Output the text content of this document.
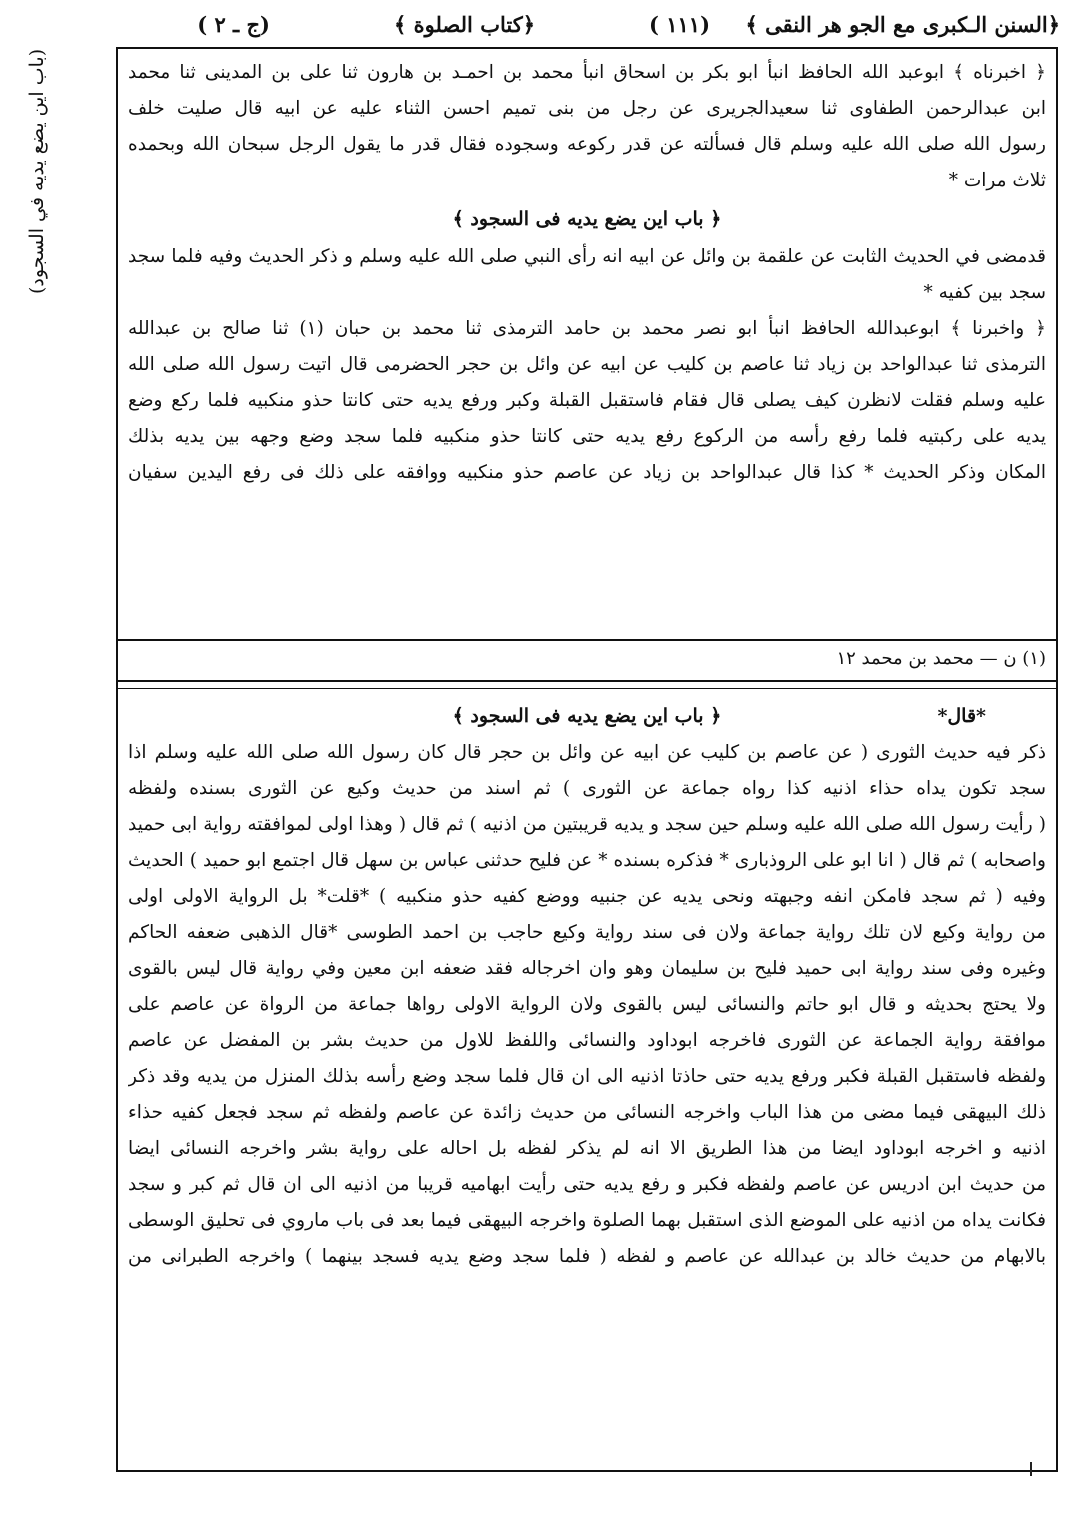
﴿السنن الـكبرى مع الجو هر النقى ﴾
(١١١ )
﴿كتاب الصلوة ﴾
(ج ـ ٢ )
(باب اين يضع يديه في السجود)	﴿ اخبرناه ﴾ ابوعبد الله الحافظ انبأ ابو بكر بن اسحاق انبأ محمد بن احمـد بن هارون ثنا على بن المدينى ثنا محمد
ابن عبدالرحمن الطفاوى ثنا سعيدالجريرى عن رجل من بنى تميم احسن الثناء عليه عن ابيه قال صليت خلف
رسول الله صلى الله عليه وسلم قال فسألته عن قدر ركوعه وسجوده فقال قدر ما يقول الرجل سبحان الله وبحمده
ثلاث مرات *
﴿ باب اين يضع يديه فى السجود ﴾
قدمضى في الحديث الثابت عن علقمة بن وائل عن ابيه انه رأى النبي صلى الله عليه وسلم و ذكر الحديث وفيه فلما سجد
سجد بين كفيه *
﴿ واخبرنا ﴾ ابوعبدالله الحافظ انبأ ابو نصر محمد بن حامد الترمذى ثنا محمد بن حبان (١) ثنا صالح بن عبدالله
الترمذى ثنا عبدالواحد بن زياد ثنا عاصم بن كليب عن ابيه عن وائل بن حجر الحضرمى قال اتيت رسول الله صلى الله
عليه وسلم فقلت لانظرن كيف يصلى قال فقام فاستقبل القبلة وكبر ورفع يديه حتى كانتا حذو منكبيه فلما ركع وضع
يديه على ركبتيه فلما رفع رأسه من الركوع رفع يديه حتى كانتا حذو منكبيه فلما سجد وضع وجهه بين يديه بذلك
المكان وذكر الحديث * كذا قال عبدالواحد بن زياد عن عاصم حذو منكبيه ووافقه على ذلك فى رفع اليدين سفيان
(١) ن — محمد بن محمد ١٢
*قال*
﴿ باب اين يضع يديه فى السجود ﴾
ذكر فيه حديث الثورى ( عن عاصم بن كليب عن ابيه عن وائل بن حجر قال كان رسول الله صلى الله عليه وسلم اذا
سجد تكون يداه حذاء اذنيه كذا رواه جماعة عن الثورى ) ثم اسند من حديث وكيع عن الثورى بسنده ولفظه
( رأيت رسول الله صلى الله عليه وسلم حين سجد و يديه قريبتين من اذنيه ) ثم قال ( وهذا اولى لموافقته رواية ابى حميد
واصحابه ) ثم قال ( انا ابو على الروذبارى * فذكره بسنده * عن فليح حدثنى عباس بن سهل قال اجتمع ابو حميد ) الحديث
وفيه ( ثم سجد فامكن انفه وجبهته ونحى يديه عن جنبيه ووضع كفيه حذو منكبيه ) *قلت* بل الرواية الاولى اولى
من رواية وكيع لان تلك رواية جماعة ولان فى سند رواية وكيع حاجب بن احمد الطوسى *قال الذهبى ضعفه الحاكم
وغيره وفى سند رواية ابى حميد فليح بن سليمان وهو وان اخرجاله فقد ضعفه ابن معين وفي رواية قال ليس بالقوى
ولا يحتج بحديثه و قال ابو حاتم والنسائى ليس بالقوى ولان الرواية الاولى رواها جماعة من الرواة عن عاصم على
موافقة رواية الجماعة عن الثورى فاخرجه ابوداود والنسائى واللفظ للاول من حديث بشر بن المفضل عن عاصم
ولفظه فاستقبل القبلة فكبر ورفع يديه حتى حاذتا اذنيه الى ان قال فلما سجد وضع رأسه بذلك المنزل من يديه وقد ذكر
ذلك البيهقى فيما مضى من هذا الباب واخرجه النسائى من حديث زائدة عن عاصم ولفظه ثم سجد فجعل كفيه حذاء
اذنيه و اخرجه ابوداود ايضا من هذا الطريق الا انه لم يذكر لفظه بل احاله على رواية بشر واخرجه النسائى ايضا
من حديث ابن ادريس عن عاصم ولفظه فكبر و رفع يديه حتى رأيت ابهاميه قريبا من اذنيه الى ان قال ثم كبر و سجد
فكانت يداه من اذنيه على الموضع الذى استقبل بهما الصلوة واخرجه البيهقى فيما بعد فى باب ماروي فى تحليق الوسطى
بالابهام من حديث خالد بن عبدالله عن عاصم و لفظه ( فلما سجد وضع يديه فسجد بينهما ) واخرجه الطبرانى من
